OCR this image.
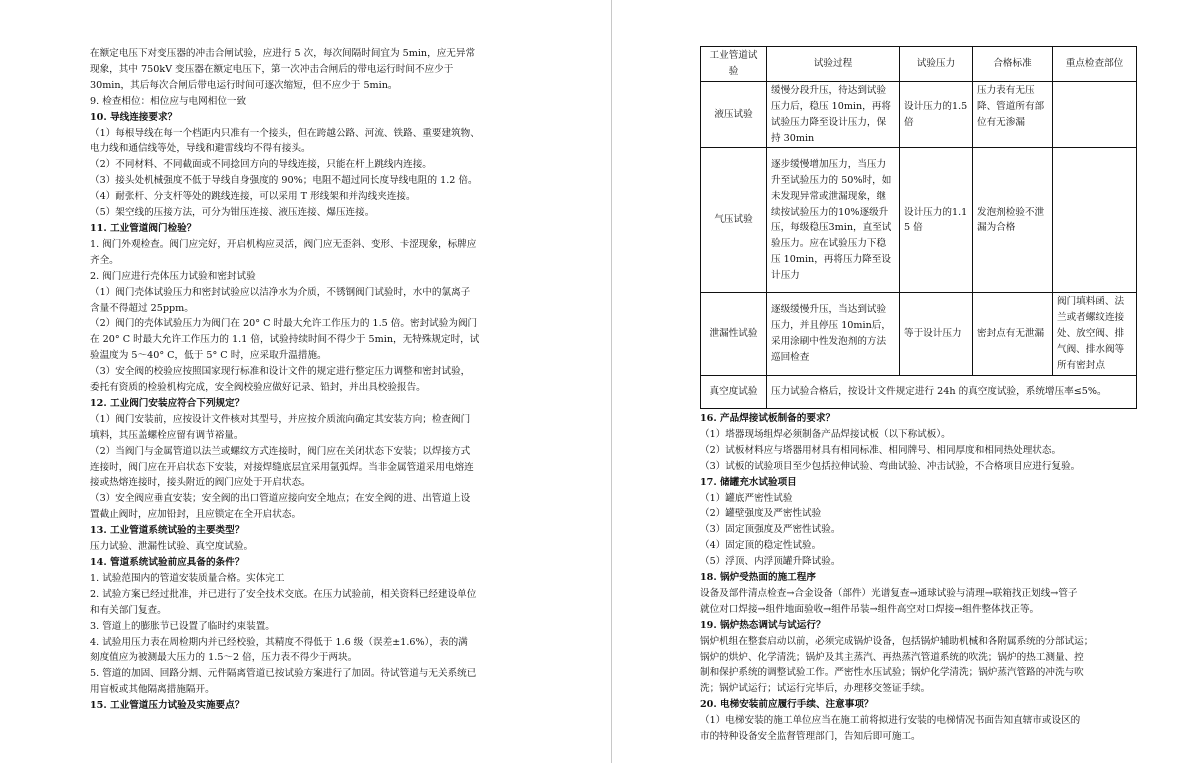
在额定电压下对变压器的冲击合闸试验，应进行 5 次，每次间隔时间宜为 5min，应无异常
现象，其中 750kV 变压器在额定电压下，第一次冲击合闸后的带电运行时间不应少于
30min，其后每次合闸后带电运行时间可逐次缩短，但不应少于 5min。
9. 检查相位：相位应与电网相位一致
10. 导线连接要求？
（1）每根导线在每一个档距内只准有一个接头，但在跨越公路、河流、铁路、重要建筑物、
电力线和通信线等处，导线和避雷线均不得有接头。
（2）不同材料、不同截面或不同捻回方向的导线连接，只能在杆上跳线内连接。
（3）接头处机械强度不低于导线自身强度的 90%；电阻不超过同长度导线电阻的 1.2 倍。
（4）耐张杆、分支杆等处的跳线连接，可以采用 T 形线架和并沟线夹连接。
（5）架空线的压接方法，可分为钳压连接、液压连接、爆压连接。
11. 工业管道阀门检验？
1. 阀门外观检查。阀门应完好，开启机构应灵活，阀门应无歪斜、变形、卡涩现象，标牌应
齐全。
2. 阀门应进行壳体压力试验和密封试验
（1）阀门壳体试验压力和密封试验应以洁净水为介质，不锈钢阀门试验时，水中的氯离子
含量不得超过 25ppm。
（2）阀门的壳体试验压力为阀门在 20° C 时最大允许工作压力的 1.5 倍。密封试验为阀门
在 20° C 时最大允许工作压力的 1.1 倍，试验持续时间不得少于 5min，无特殊规定时，试
验温度为 5～40° C，低于 5° C 时，应采取升温措施。
（3）安全阀的校验应按照国家现行标准和设计文件的规定进行整定压力调整和密封试验，
委托有资质的检验机构完成，安全阀校验应做好记录、铅封，并出具校验报告。
12. 工业阀门安装应符合下列规定？
（1）阀门安装前，应按设计文件核对其型号，并应按介质流向确定其安装方向；检查阀门
填料，其压盖螺栓应留有调节裕量。
（2）当阀门与金属管道以法兰或螺纹方式连接时，阀门应在关闭状态下安装；以焊接方式
连接时，阀门应在开启状态下安装，对接焊缝底层宜采用氩弧焊。当非金属管道采用电熔连
接或热熔连接时，接头附近的阀门应处于开启状态。
（3）安全阀应垂直安装；安全阀的出口管道应接向安全地点；在安全阀的进、出管道上设
置截止阀时，应加铅封，且应锁定在全开启状态。
13. 工业管道系统试验的主要类型？
压力试验、泄漏性试验、真空度试验。
14. 管道系统试验前应具备的条件？
1. 试验范围内的管道安装质量合格。实体完工
2. 试验方案已经过批准，并已进行了安全技术交底。在压力试验前，相关资料已经建设单位
和有关部门复查。
3. 管道上的膨胀节已设置了临时约束装置。
4. 试验用压力表在周检期内并已经校验，其精度不得低于 1.6 级（误差±1.6%），表的满
刻度值应为被测最大压力的 1.5～2 倍，压力表不得少于两块。
5. 管道的加固、回路分割、元件隔离管道已按试验方案进行了加固。待试管道与无关系统已
用盲板或其他隔离措施隔开。
15. 工业管道压力试验及实施要点？
工业管道试验	试验过程	试验压力	合格标准	重点检查部位
液压试验	缓慢分段升压，待达到试验压力后，稳压 10min，再将试验压力降至设计压力，保持 30min	设计压力的1.5 倍	压力表有无压降、管道所有部位有无渗漏	
气压试验	逐步缓慢增加压力，当压力升至试验压力的 50%时，如未发现异常或泄漏现象，继续按试验压力的10%逐级升压，每级稳压3min，直至试验压力。应在试验压力下稳压 10min，再将压力降至设计压力	设计压力的1.15 倍	发泡剂检验不泄漏为合格	
泄漏性试验	逐级缓慢升压，当达到试验压力，并且停压 10min后，采用涂刷中性发泡剂的方法巡回检查	等于设计压力	密封点有无泄漏	阀门填料函、法兰或者螺纹连接处、放空阀、排气阀、排水阀等所有密封点
真空度试验	压力试验合格后，按设计文件规定进行 24h 的真空度试验，系统增压率≤5%。			
16. 产品焊接试板制备的要求？
（1）塔器现场组焊必须制备产品焊接试板（以下称试板）。
（2）试板材料应与塔器用材具有相同标准、相同牌号、相同厚度和相同热处理状态。
（3）试板的试验项目至少包括拉伸试验、弯曲试验、冲击试验，不合格项目应进行复验。
17. 储罐充水试验项目
（1）罐底严密性试验
（2）罐壁强度及严密性试验
（3）固定顶强度及严密性试验。
（4）固定顶的稳定性试验。
（5）浮顶、内浮顶罐升降试验。
18. 锅炉受热面的施工程序
设备及部件清点检查→合金设备（部件）光谱复查→通球试验与清理→联箱找正划线→管子
就位对口焊接→组件地面验收→组件吊装→组件高空对口焊接→组件整体找正等。
19. 锅炉热态调试与试运行？
锅炉机组在整套启动以前，必须完成锅炉设备，包括锅炉辅助机械和各附属系统的分部试运；
锅炉的烘炉、化学清洗；锅炉及其主蒸汽、再热蒸汽管道系统的吹洗；锅炉的热工测量、控
制和保护系统的调整试验工作。严密性水压试验；锅炉化学清洗；锅炉蒸汽管路的冲洗与吹
洗；锅炉试运行；试运行完毕后，办理移交签证手续。
20. 电梯安装前应履行手续、注意事项？
（1）电梯安装的施工单位应当在施工前将拟进行安装的电梯情况书面告知直辖市或设区的
市的特种设备安全监督管理部门，告知后即可施工。
